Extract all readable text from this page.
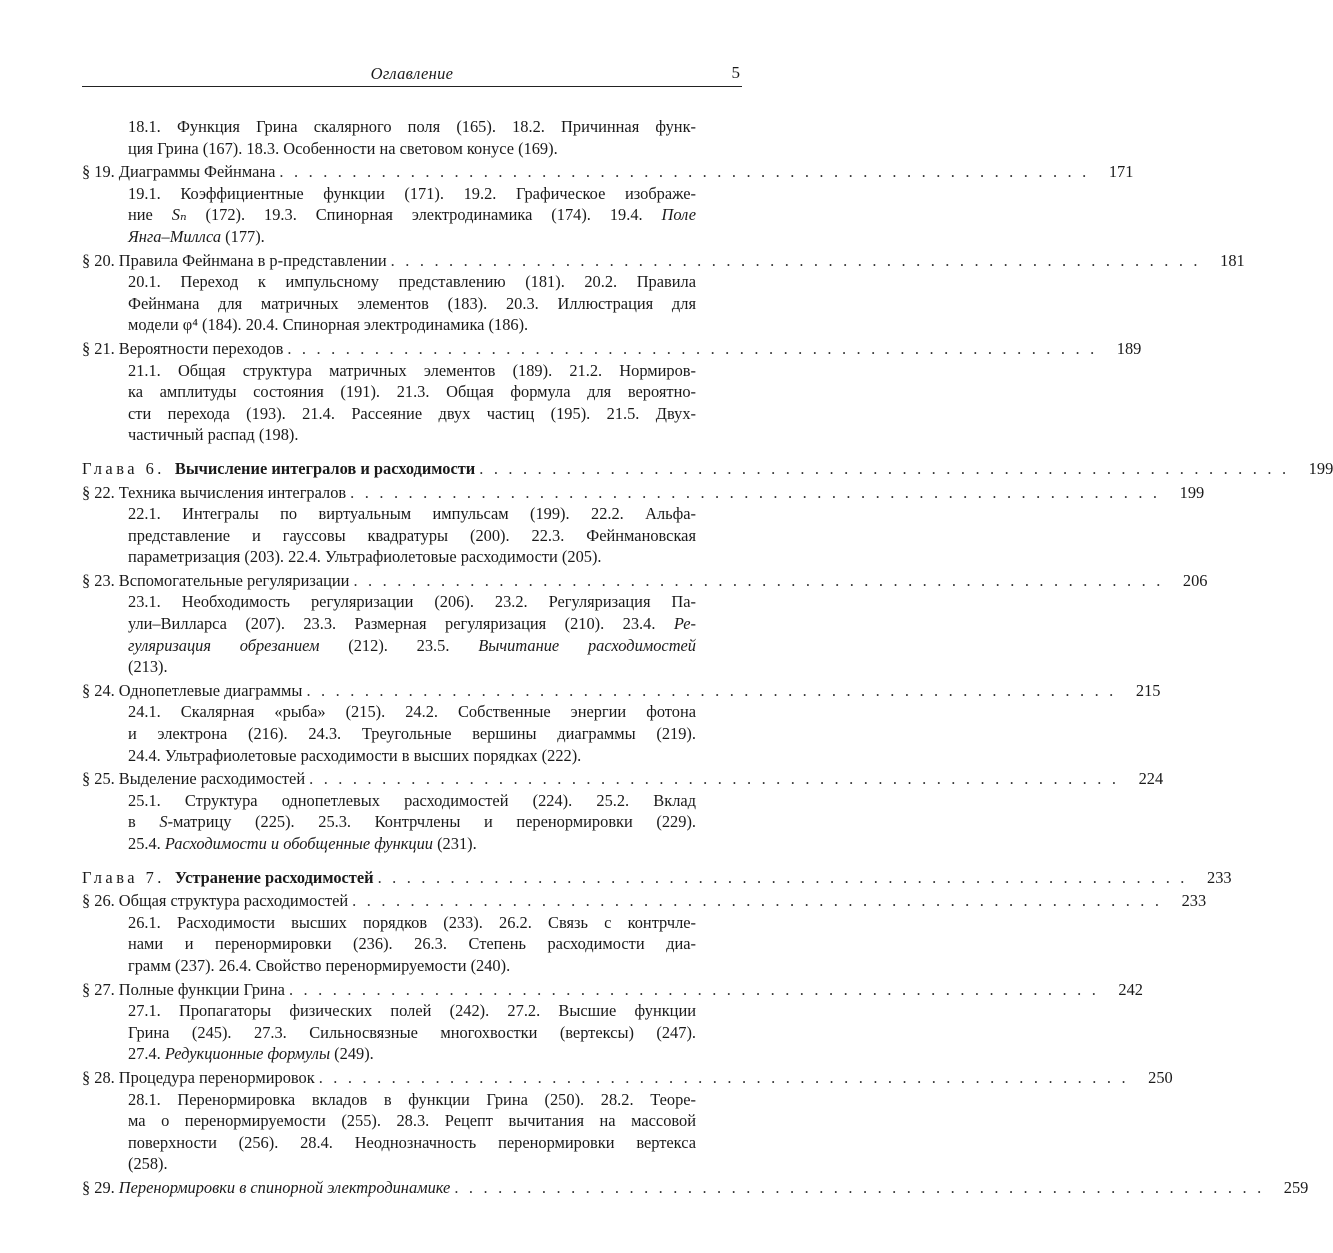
Оглавление	5
18.1. Функция Грина скалярного поля (165). 18.2. Причинная функ-
ция Грина (167). 18.3. Особенности на световом конусе (169).
§ 19. Диаграммы Фейнмана . . . . . . . . . . . . . . . . . . . . . . . . . . . . . . . . . . . . . . . . . . . . . . . . . . . . . . . .	171
19.1. Коэффициентные функции (171). 19.2. Графическое изображе-
ние Sₙ (172). 19.3. Спинорная электродинамика (174). 19.4. Поле
Янга–Миллса (177).
§ 20. Правила Фейнмана в p-представлении . . . . . . . . . . . . . . . . . . . . . . . . . . . . . . . . . . . . . . . . . . . . . . . . . . . . . . . .	181
20.1. Переход к импульсному представлению (181). 20.2. Правила
Фейнмана для матричных элементов (183). 20.3. Иллюстрация для
модели φ⁴ (184). 20.4. Спинорная электродинамика (186).
§ 21. Вероятности переходов . . . . . . . . . . . . . . . . . . . . . . . . . . . . . . . . . . . . . . . . . . . . . . . . . . . . . . . .	189
21.1. Общая структура матричных элементов (189). 21.2. Нормиров-
ка амплитуды состояния (191). 21.3. Общая формула для вероятно-
сти перехода (193). 21.4. Рассеяние двух частиц (195). 21.5. Двух-
частичный распад (198).
Глава 6. Вычисление интегралов и расходимости . . . . . . . . . . . . . . . . . . . . . . . . . . . . . . . . . . . . . . . . . . . . . . . . . . . . . . . .	199
§ 22. Техника вычисления интегралов . . . . . . . . . . . . . . . . . . . . . . . . . . . . . . . . . . . . . . . . . . . . . . . . . . . . . . . .	199
22.1. Интегралы по виртуальным импульсам (199). 22.2. Альфа-
представление и гауссовы квадратуры (200). 22.3. Фейнмановская
параметризация (203). 22.4. Ультрафиолетовые расходимости (205).
§ 23. Вспомогательные регуляризации . . . . . . . . . . . . . . . . . . . . . . . . . . . . . . . . . . . . . . . . . . . . . . . . . . . . . . . .	206
23.1. Необходимость регуляризации (206). 23.2. Регуляризация Па-
ули–Вилларса (207). 23.3. Размерная регуляризация (210). 23.4. Ре-
гуляризация обрезанием (212). 23.5. Вычитание расходимостей
(213).
§ 24. Однопетлевые диаграммы . . . . . . . . . . . . . . . . . . . . . . . . . . . . . . . . . . . . . . . . . . . . . . . . . . . . . . . .	215
24.1. Скалярная «рыба» (215). 24.2. Собственные энергии фотона
и электрона (216). 24.3. Треугольные вершины диаграммы (219).
24.4. Ультрафиолетовые расходимости в высших порядках (222).
§ 25. Выделение расходимостей . . . . . . . . . . . . . . . . . . . . . . . . . . . . . . . . . . . . . . . . . . . . . . . . . . . . . . . .	224
25.1. Структура однопетлевых расходимостей (224). 25.2. Вклад
в S-матрицу (225). 25.3. Контрчлены и перенормировки (229).
25.4. Расходимости и обобщенные функции (231).
Глава 7. Устранение расходимостей . . . . . . . . . . . . . . . . . . . . . . . . . . . . . . . . . . . . . . . . . . . . . . . . . . . . . . . .	233
§ 26. Общая структура расходимостей . . . . . . . . . . . . . . . . . . . . . . . . . . . . . . . . . . . . . . . . . . . . . . . . . . . . . . . .	233
26.1. Расходимости высших порядков (233). 26.2. Связь с контрчле-
нами и перенормировки (236). 26.3. Степень расходимости диа-
грамм (237). 26.4. Свойство перенормируемости (240).
§ 27. Полные функции Грина . . . . . . . . . . . . . . . . . . . . . . . . . . . . . . . . . . . . . . . . . . . . . . . . . . . . . . . .	242
27.1. Пропагаторы физических полей (242). 27.2. Высшие функции
Грина (245). 27.3. Сильносвязные многохвостки (вертексы) (247).
27.4. Редукционные формулы (249).
§ 28. Процедура перенормировок . . . . . . . . . . . . . . . . . . . . . . . . . . . . . . . . . . . . . . . . . . . . . . . . . . . . . . . .	250
28.1. Перенормировка вкладов в функции Грина (250). 28.2. Теоре-
ма о перенормируемости (255). 28.3. Рецепт вычитания на массовой
поверхности (256). 28.4. Неоднозначность перенормировки вертекса
(258).
§ 29. Перенормировки в спинорной электродинамике . . . . . . . . . . . . . . . . . . . . . . . . . . . . . . . . . . . . . . . . . . . . . . . . . . . . . . . .	259
